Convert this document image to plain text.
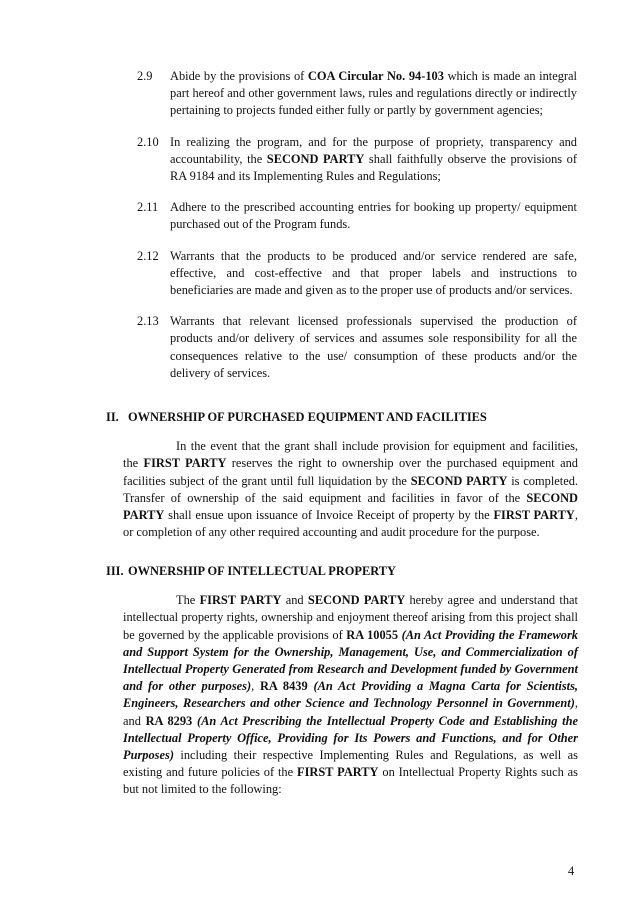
2.9 Abide by the provisions of COA Circular No. 94-103 which is made an integral part hereof and other government laws, rules and regulations directly or indirectly pertaining to projects funded either fully or partly by government agencies;
2.10 In realizing the program, and for the purpose of propriety, transparency and accountability, the SECOND PARTY shall faithfully observe the provisions of RA 9184 and its Implementing Rules and Regulations;
2.11 Adhere to the prescribed accounting entries for booking up property/ equipment purchased out of the Program funds.
2.12 Warrants that the products to be produced and/or service rendered are safe, effective, and cost-effective and that proper labels and instructions to beneficiaries are made and given as to the proper use of products and/or services.
2.13 Warrants that relevant licensed professionals supervised the production of products and/or delivery of services and assumes sole responsibility for all the consequences relative to the use/ consumption of these products and/or the delivery of services.
II. OWNERSHIP OF PURCHASED EQUIPMENT AND FACILITIES
In the event that the grant shall include provision for equipment and facilities, the FIRST PARTY reserves the right to ownership over the purchased equipment and facilities subject of the grant until full liquidation by the SECOND PARTY is completed. Transfer of ownership of the said equipment and facilities in favor of the SECOND PARTY shall ensue upon issuance of Invoice Receipt of property by the FIRST PARTY, or completion of any other required accounting and audit procedure for the purpose.
III. OWNERSHIP OF INTELLECTUAL PROPERTY
The FIRST PARTY and SECOND PARTY hereby agree and understand that intellectual property rights, ownership and enjoyment thereof arising from this project shall be governed by the applicable provisions of RA 10055 (An Act Providing the Framework and Support System for the Ownership, Management, Use, and Commercialization of Intellectual Property Generated from Research and Development funded by Government and for other purposes), RA 8439 (An Act Providing a Magna Carta for Scientists, Engineers, Researchers and other Science and Technology Personnel in Government), and RA 8293 (An Act Prescribing the Intellectual Property Code and Establishing the Intellectual Property Office, Providing for Its Powers and Functions, and for Other Purposes) including their respective Implementing Rules and Regulations, as well as existing and future policies of the FIRST PARTY on Intellectual Property Rights such as but not limited to the following:
4
